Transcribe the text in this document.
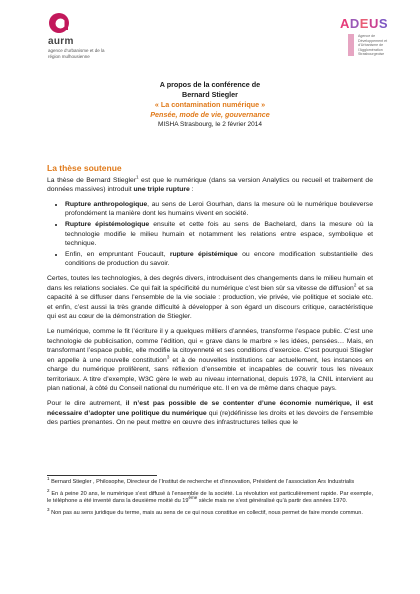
aurm
agence d’urbanisme et de la région mulhousienne
ADEUS
Agence de Développement et d’Urbanisme de l’Agglomération Strasbourgeoise
A propos de la conférence de
Bernard Stiegler
« La contamination numérique »
Pensée, mode de vie, gouvernance
MISHA Strasbourg, le 2 février 2014
La thèse soutenue

La thèse de Bernard Stiegler$^1$ est que le numérique (dans sa version Analytics ou recueil et traitement de données massives) introduit une triple rupture :

• Rupture anthropologique, au sens de Leroi Gourhan, dans la mesure où le numérique bouleverse profondément la manière dont les humains vivent en société.
• Rupture épistémologique ensuite et cette fois au sens de Bachelard, dans la mesure où la technologie modifie le milieu humain et notamment les relations entre espace, symbolique et technique.
• Enfin, en empruntant Foucault, rupture épistémique ou encore modification substantielle des conditions de production du savoir.

Certes, toutes les technologies, à des degrés divers, introduisent des changements dans le milieu humain et dans les relations sociales. Ce qui fait la spécificité du numérique c’est bien sûr sa vitesse de diffusion$^2$ et sa capacité à se diffuser dans l’ensemble de la vie sociale : production, vie privée, vie politique et sociale etc. et enfin, c’est aussi la très grande difficulté à développer à son égard un discours critique, caractéristique qui est au cœur de la démonstration de Stiegler.

Le numérique, comme le fit l’écriture il y a quelques milliers d’années, transforme l’espace public. C’est une technologie de publicisation, comme l’édition, qui « grave dans le marbre » les idées, pensées… Mais, en transformant l’espace public, elle modifie la citoyenneté et ses conditions d’exercice. C’est pourquoi Stiegler en appelle à une nouvelle constitution$^3$ et à de nouvelles institutions car actuellement, les instances en charge du numérique prolifèrent, sans réflexion d’ensemble et incapables de couvrir tous les niveaux territoriaux. A titre d’exemple, W3C gère le web au niveau international, depuis 1978, la CNIL intervient au plan national, à côté du Conseil national du numérique etc. Il en va de même dans chaque pays.

Pour le dire autrement, il n’est pas possible de se contenter d’une économie numérique, il est nécessaire d’adopter une politique du numérique qui (re)définisse les droits et les devoirs de l’ensemble des parties prenantes. On ne peut mettre en œuvre des infrastructures telles que le

$^1$ Bernard Stiegler , Philosophe, Directeur de l’Institut de recherche et d’innovation, Président de l’association Ars Industrialis

$^2$ En à peine 20 ans, le numérique s’est diffusé à l’ensemble de la société. La révolution est particulièrement rapide. Par exemple, le téléphone a été inventé dans la deuxième moitié du 19ème siècle mais ne s’est généralisé qu’à partir des années 1970.

$^3$ Non pas au sens juridique du terme, mais au sens de ce qui nous constitue en collectif, nous permet de faire monde commun.
